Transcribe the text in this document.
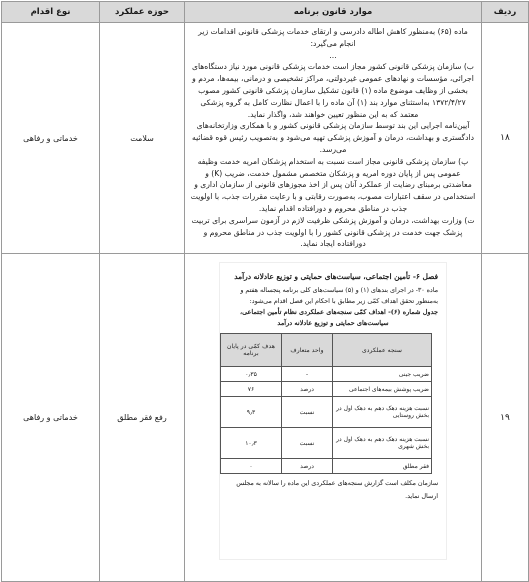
ردیف	موارد قانون برنامه	حوزه عملکرد	نوع اقدام
۱۸	

ماده (۶۵) به‌منظور کاهش اطاله دادرسی و ارتقای خدمات پزشکی قانونی اقدامات زیر انجام می‌گیرد:

...

ب) سازمان پزشکی قانونی کشور مجاز است خدمات پزشکی قانونی مورد نیاز دستگاه‌های اجرائی، مؤسسات و نهادهای عمومی غیردولتی، مراکز تشخیصی و درمانی، بیمه‌ها، مردم و بخشی از وظایف موضوع ماده (۱) قانون تشکیل سازمان پزشکی قانونی کشور مصوب ۱۳۷۲/۴/۲۷ به‌استثنای موارد بند (۱) آن ماده را با اعمال نظارت کامل به گروه پزشکی معتمد که به این منظور تعیین خواهند شد، واگذار نماید.

آیین‌نامه اجرایی این بند توسط سازمان پزشکی قانونی کشور و با همکاری وزارتخانه‌های دادگستری و بهداشت، درمان و آموزش پزشکی تهیه می‌شود و به‌تصویب رئیس قوه قضائیه می‌رسد.

پ) سازمان پزشکی قانونی مجاز است نسبت به استخدام پزشکان امریه خدمت وظیفه عمومی پس از پایان دوره امریه و پزشکان متخصص مشمول خدمت، ضریب (K) و معاضدتی برمبنای رضایت از عملکرد آنان پس از اخذ مجوزهای قانونی از سازمان اداری و استخدامی در سقف اعتبارات مصوب، به‌صورت رقابتی و با رعایت مقررات جذب، با اولویت جذب در مناطق محروم و دورافتاده اقدام نماید.

ت) وزارت بهداشت، درمان و آموزش پزشکی ظرفیت لازم در آزمون سراسری برای تربیت پزشک جهت خدمت در پزشکی قانونی کشور را با اولویت جذب در مناطق محروم و دورافتاده ایجاد نماید.

	سلامت	خدماتی و رفاهی
۱۹	
فصل ۶- تأمین اجتماعی، سیاست‌های حمایتی و توزیع عادلانه درآمد
ماده ۳۰- در اجرای بندهای (۱) و (۵) سیاست‌های کلی برنامه پنجساله هفتم و
به‌منظور تحقق اهداف کمّی زیر مطابق با احکام این فصل اقدام می‌شود:
جدول شماره (۶)- اهداف کمّی سنجه‌های عملکردی نظام تأمین اجتماعی،
سیاست‌های حمایتی و توزیع عادلانه درآمد
سنجه عملکردی	واحد متعارف	هدف کمّی در پایان برنامه
ضریب جینی	-	۰٫۳۵
ضریب پوشش بیمه‌های اجتماعی	درصد	۷۶
نسبت هزینه دهک دهم به دهک اول در بخش روستایی	نسبت	۹٫۳
نسبت هزینه دهک دهم به دهک اول در بخش شهری	نسبت	۱۰٫۳
فقر مطلق	درصد	۰
سازمان مکلف است گزارش سنجه‌های عملکردی این ماده را سالانه به مجلس
ارسال نماید.
	رفع فقر مطلق	خدماتی و رفاهی
